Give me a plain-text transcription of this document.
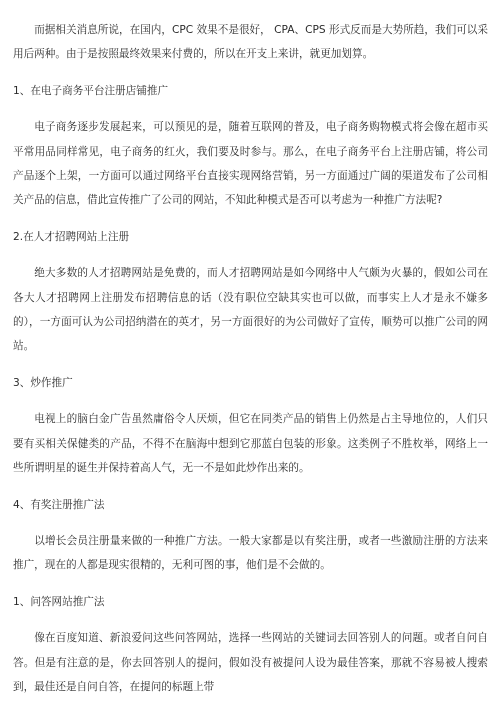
而据相关消息所说，在国内，CPC 效果不是很好， CPA、CPS 形式反而是大势所趋，我们可以采用后两种。由于是按照最终效果来付费的，所以在开支上来讲，就更加划算。

1、在电子商务平台注册店铺推广

电子商务逐步发展起来，可以预见的是，随着互联网的普及，电子商务购物模式将会像在超市买平常用品同样常见，电子商务的红火，我们要及时参与。那么，在电子商务平台上注册店铺，将公司产品逐个上架，一方面可以通过网络平台直接实现网络营销，另一方面通过广阔的渠道发布了公司相关产品的信息，借此宣传推广了公司的网站，不知此种模式是否可以考虑为一种推广方法呢?

2.在人才招聘网站上注册

绝大多数的人才招聘网站是免费的，而人才招聘网站是如今网络中人气颇为火暴的，假如公司在各大人才招聘网上注册发布招聘信息的话（没有职位空缺其实也可以做，而事实上人才是永不嫌多的），一方面可认为公司招纳潜在的英才，另一方面很好的为公司做好了宣传，顺势可以推广公司的网站。

3、炒作推广

电视上的脑白金广告虽然庸俗令人厌烦，但它在同类产品的销售上仍然是占主导地位的，人们只要有买相关保健类的产品，不得不在脑海中想到它那蓝白包装的形象。这类例子不胜枚举，网络上一些所谓明星的诞生并保持着高人气，无一不是如此炒作出来的。

4、有奖注册推广法

以增长会员注册量来做的一种推广方法。一般大家都是以有奖注册，或者一些激励注册的方法来推广，现在的人都是现实很精的，无利可图的事，他们是不会做的。

1、问答网站推广法

像在百度知道、新浪爱问这些问答网站，选择一些网站的关键词去回答别人的问题。或者自问自答。但是有注意的是，你去回答别人的提问，假如没有被提问人设为最佳答案，那就不容易被人搜索到，最佳还是自问自答，在提问的标题上带
